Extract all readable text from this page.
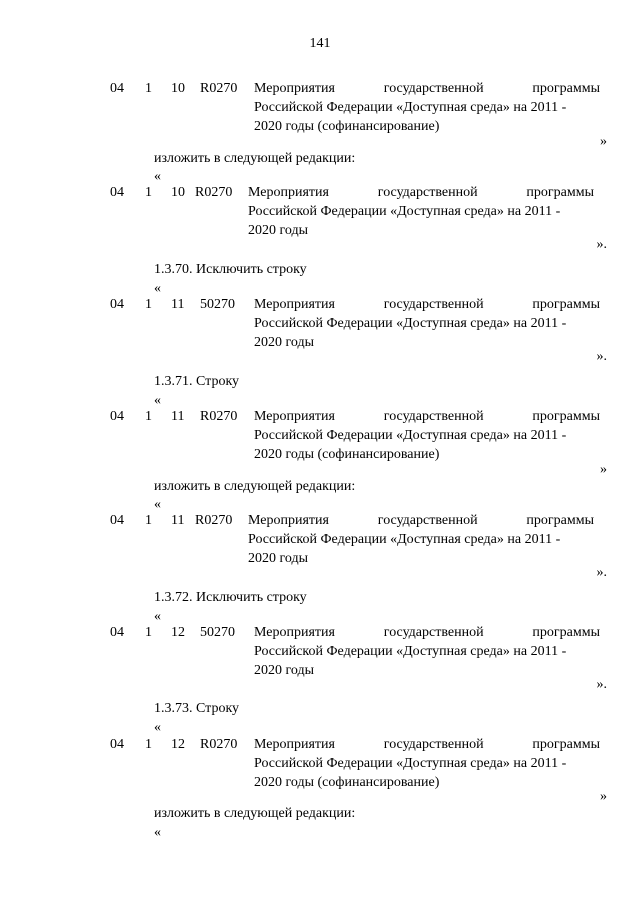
141
04 1 10 R0270 Мероприятия	государственной	программы
Российской Федерации «Доступная среда» на 2011 -
2020 годы (софинансирование)
»
изложить в следующей редакции:
«
04 1 10 R0270 Мероприятия	государственной	программы
Российской Федерации «Доступная среда» на 2011 -
2020 годы
».
1.3.70. Исключить строку
«
04 1 11 50270 Мероприятия	государственной	программы
Российской Федерации «Доступная среда» на 2011 -
2020 годы
».
1.3.71. Строку
«
04 1 11 R0270 Мероприятия	государственной	программы
Российской Федерации «Доступная среда» на 2011 -
2020 годы (софинансирование)
»
изложить в следующей редакции:
«
04 1 11 R0270 Мероприятия	государственной	программы
Российской Федерации «Доступная среда» на 2011 -
2020 годы
».
1.3.72. Исключить строку
«
04 1 12 50270 Мероприятия	государственной	программы
Российской Федерации «Доступная среда» на 2011 -
2020 годы
».
1.3.73. Строку
«
04 1 12 R0270 Мероприятия	государственной	программы
Российской Федерации «Доступная среда» на 2011 -
2020 годы (софинансирование)
»
изложить в следующей редакции:
«
